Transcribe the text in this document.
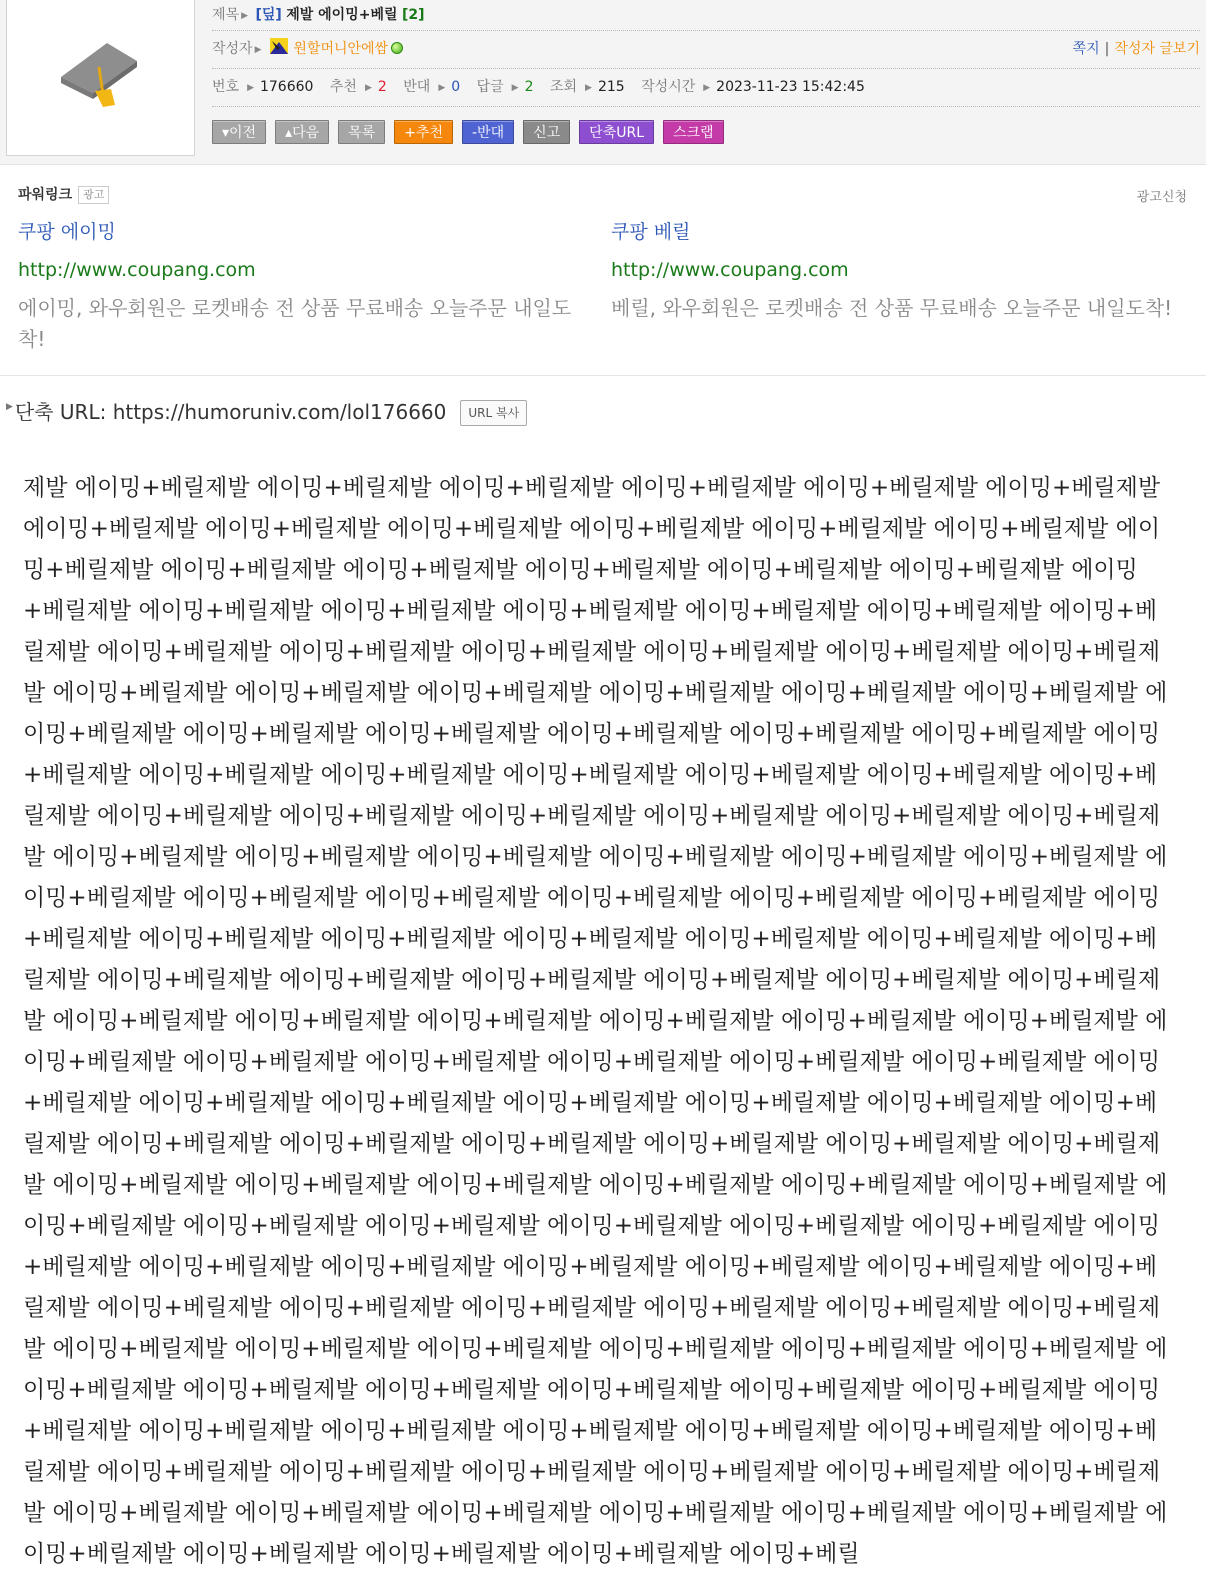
제목 ▶ [딮] 제발 에이밍+베릴 [2]
작성자 ▶ 원할머니안에쌈	쪽지 | 작성자 글보기
번호 ▶ 176660 추천 ▶ 2 반대 ▶ 0 답글 ▶ 2 조회 ▶ 215 작성시간 ▶ 2023-11-23 15:42:45
▾이전	▴다음	목록	+추천	-반대	신고	단축URL	스크랩
파워링크 광고	광고신청
쿠팡 에이밍
http://www.coupang.com
에이밍, 와우회원은 로켓배송 전 상품 무료배송 오늘주문 내일도착!
쿠팡 베릴
http://www.coupang.com
베릴, 와우회원은 로켓배송 전 상품 무료배송 오늘주문 내일도착!
▶ 단축 URL: https://humoruniv.com/lol176660 URL 복사
제발 에이밍+베릴제발 에이밍+베릴제발 에이밍+베릴제발 에이밍+베릴제발 에이밍+베릴제발 에이밍+베릴제발 에이밍+베릴제발 에이밍+베릴제발 에이밍+베릴제발 에이밍+베릴제발 에이밍+베릴제발 에이밍+베릴제발 에이밍+베릴제발 에이밍+베릴제발 에이밍+베릴제발 에이밍+베릴제발 에이밍+베릴제발 에이밍+베릴제발 에이밍+베릴제발 에이밍+베릴제발 에이밍+베릴제발 에이밍+베릴제발 에이밍+베릴제발 에이밍+베릴제발 에이밍+베릴제발 에이밍+베릴제발 에이밍+베릴제발 에이밍+베릴제발 에이밍+베릴제발 에이밍+베릴제발 에이밍+베릴제발 에이밍+베릴제발 에이밍+베릴제발 에이밍+베릴제발 에이밍+베릴제발 에이밍+베릴제발 에이밍+베릴제발 에이밍+베릴제발 에이밍+베릴제발 에이밍+베릴제발 에이밍+베릴제발 에이밍+베릴제발 에이밍+베릴제발 에이밍+베릴제발 에이밍+베릴제발 에이밍+베릴제발 에이밍+베릴제발 에이밍+베릴제발 에이밍+베릴제발 에이밍+베릴제발 에이밍+베릴제발 에이밍+베릴제발 에이밍+베릴제발 에이밍+베릴제발 에이밍+베릴제발 에이밍+베릴제발 에이밍+베릴제발 에이밍+베릴제발 에이밍+베릴제발 에이밍+베릴제발 에이밍+베릴제발 에이밍+베릴제발 에이밍+베릴제발 에이밍+베릴제발 에이밍+베릴제발 에이밍+베릴제발 에이밍+베릴제발 에이밍+베릴제발 에이밍+베릴제발 에이밍+베릴제발 에이밍+베릴제발 에이밍+베릴제발 에이밍+베릴제발 에이밍+베릴제발 에이밍+베릴제발 에이밍+베릴제발 에이밍+베릴제발 에이밍+베릴제발 에이밍+베릴제발 에이밍+베릴제발 에이밍+베릴제발 에이밍+베릴제발 에이밍+베릴제발 에이밍+베릴제발 에이밍+베릴제발 에이밍+베릴제발 에이밍+베릴제발 에이밍+베릴제발 에이밍+베릴제발 에이밍+베릴제발 에이밍+베릴제발 에이밍+베릴제발 에이밍+베릴제발 에이밍+베릴제발 에이밍+베릴제발 에이밍+베릴제발 에이밍+베릴제발 에이밍+베릴제발 에이밍+베릴제발 에이밍+베릴제발 에이밍+베릴제발 에이밍+베릴제발 에이밍+베릴제발 에이밍+베릴제발 에이밍+베릴제발 에이밍+베릴제발 에이밍+베릴제발 에이밍+베릴제발 에이밍+베릴제발 에이밍+베릴제발 에이밍+베릴제발 에이밍+베릴제발 에이밍+베릴제발 에이밍+베릴제발 에이밍+베릴제발 에이밍+베릴제발 에이밍+베릴제발 에이밍+베릴제발 에이밍+베릴제발 에이밍+베릴제발 에이밍+베릴제발 에이밍+베릴제발 에이밍+베릴제발 에이밍+베릴제발 에이밍+베릴제발 에이밍+베릴제발 에이밍+베릴제발 에이밍+베릴제발 에이밍+베릴제발 에이밍+베릴제발 에이밍+베릴제발 에이밍+베릴제발 에이밍+베릴제발 에이밍+베릴제발 에이밍+베릴제발 에이밍+베릴제발 에이밍+베릴제발 에이밍+베릴제발 에이밍+베릴제발 에이밍+베릴제발 에이밍+베릴제발 에이밍+베릴제발 에이밍+베릴제발 에이밍+베릴제발 에이밍+베릴제발 에이밍+베릴제발 에이밍+베릴제발 에이밍+베릴제발 에이밍+베릴제발 에이밍+베릴제발 에이밍+베릴제발 에이밍+베릴제발 에이밍+베릴제발 에이밍+베릴제발 에이밍+베릴제발 에이밍+베릴제발 에이밍+베릴제발 에이밍+베릴제발 에이밍+베릴제발 에이밍+베릴제발 에이밍+베릴제발 에이밍+베릴제발 에이밍+베릴제발 에이밍+베릴제발 에이밍+베릴제발 에이밍+베릴제발 에이밍+베릴
